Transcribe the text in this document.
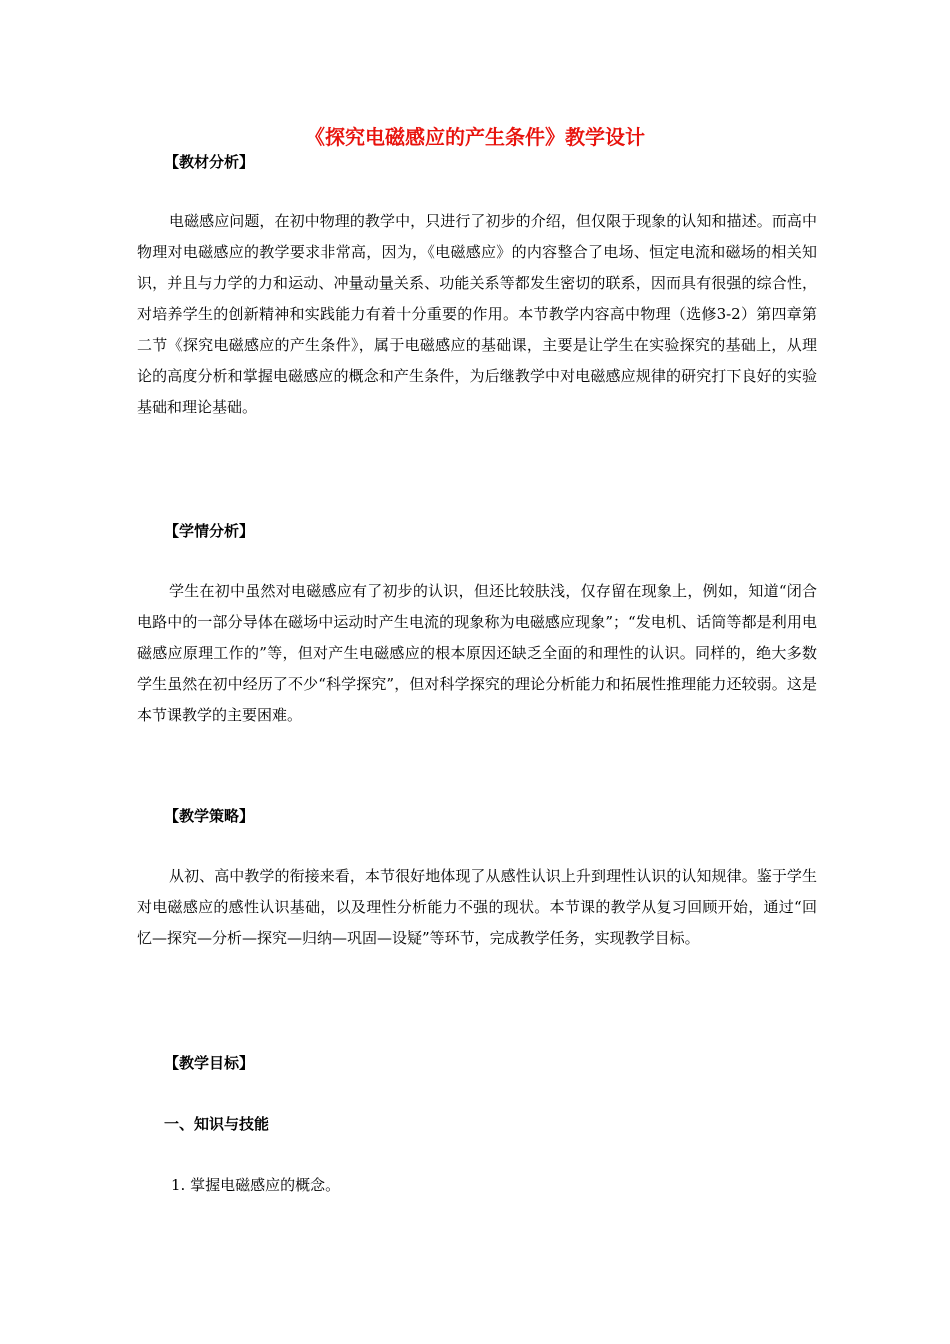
《探究电磁感应的产生条件》教学设计
【教材分析】

电磁感应问题，在初中物理的教学中，只进行了初步的介绍，但仅限于现象的认知和描述。而高中物理对电磁感应的教学要求非常高，因为，《电磁感应》的内容整合了电场、恒定电流和磁场的相关知识，并且与力学的力和运动、冲量动量关系、功能关系等都发生密切的联系，因而具有很强的综合性，对培养学生的创新精神和实践能力有着十分重要的作用。本节教学内容高中物理（选修3-2）第四章第二节《探究电磁感应的产生条件》，属于电磁感应的基础课，主要是让学生在实验探究的基础上，从理论的高度分析和掌握电磁感应的概念和产生条件，为后继教学中对电磁感应规律的研究打下良好的实验基础和理论基础。

【学情分析】

学生在初中虽然对电磁感应有了初步的认识，但还比较肤浅，仅存留在现象上，例如，知道“闭合电路中的一部分导体在磁场中运动时产生电流的现象称为电磁感应现象”；“发电机、话筒等都是利用电磁感应原理工作的”等，但对产生电磁感应的根本原因还缺乏全面的和理性的认识。同样的，绝大多数学生虽然在初中经历了不少“科学探究”，但对科学探究的理论分析能力和拓展性推理能力还较弱。这是本节课教学的主要困难。

【教学策略】

从初、高中教学的衔接来看，本节很好地体现了从感性认识上升到理性认识的认知规律。鉴于学生对电磁感应的感性认识基础，以及理性分析能力不强的现状。本节课的教学从复习回顾开始，通过“回忆—探究—分析—探究—归纳—巩固—设疑”等环节，完成教学任务，实现教学目标。

【教学目标】
一、知识与技能
1. 掌握电磁感应的概念。
